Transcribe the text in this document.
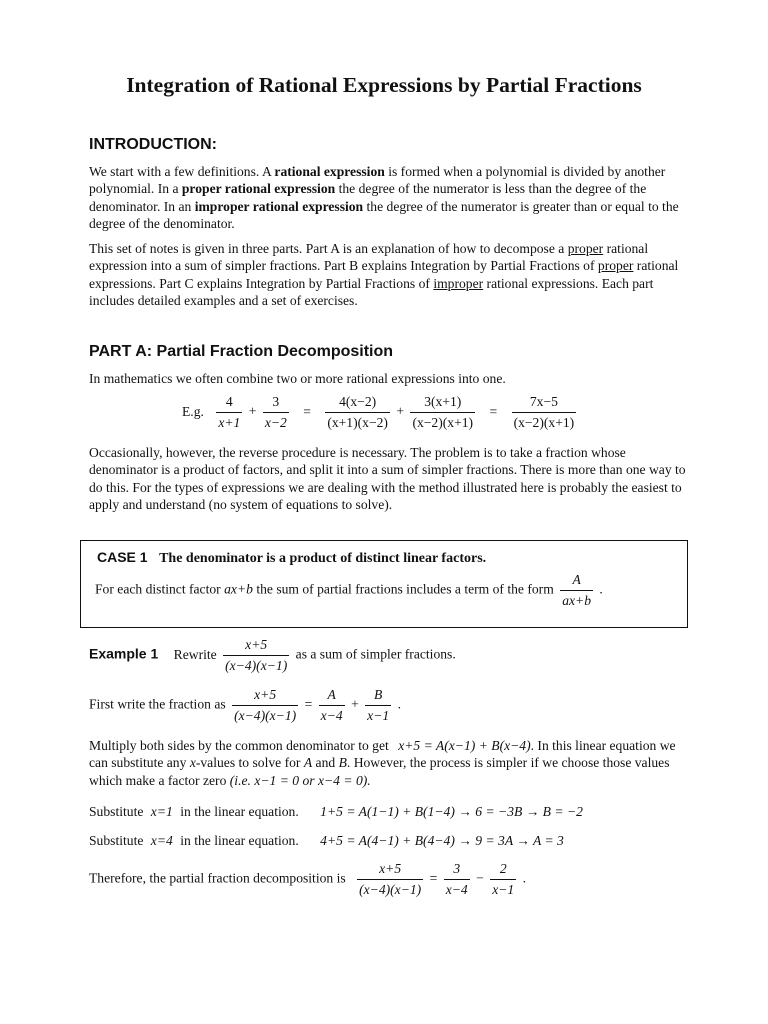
Integration of Rational Expressions by Partial Fractions
INTRODUCTION:
We start with a few definitions. A rational expression is formed when a polynomial is divided by another polynomial. In a proper rational expression the degree of the numerator is less than the degree of the denominator. In an improper rational expression the degree of the numerator is greater than or equal to the degree of the denominator.
This set of notes is given in three parts. Part A is an explanation of how to decompose a proper rational expression into a sum of simpler fractions. Part B explains Integration by Partial Fractions of proper rational expressions. Part C explains Integration by Partial Fractions of improper rational expressions. Each part includes detailed examples and a set of exercises.
PART A: Partial Fraction Decomposition
In mathematics we often combine two or more rational expressions into one.
E.g. $\frac{4}{x+1} + \frac{3}{x-2} = \frac{4(x-2)}{(x+1)(x-2)} + \frac{3(x+1)}{(x-2)(x+1)} = \frac{7x-5}{(x-2)(x+1)}$
Occasionally, however, the reverse procedure is necessary. The problem is to take a fraction whose denominator is a product of factors, and split it into a sum of simpler fractions. There is more than one way to do this. For the types of expressions we are dealing with the method illustrated here is probably the easiest to apply and understand (no system of equations to solve).
CASE 1 The denominator is a product of distinct linear factors.
For each distinct factor ax+b the sum of partial fractions includes a term of the form $\frac{A}{ax+b}$ .
Example 1 Rewrite $\frac{x+5}{(x-4)(x-1)}$ as a sum of simpler fractions.
First write the fraction as $\frac{x+5}{(x-4)(x-1)} = \frac{A}{x-4} + \frac{B}{x-1}$ .
Multiply both sides by the common denominator to get x+5 = A(x−1) + B(x−4). In this linear equation we can substitute any x-values to solve for A and B. However, the process is simpler if we choose those values which make a factor zero (i.e. x−1 = 0 or x−4 = 0).
Substitute x=1 in the linear equation. 1+5 = A(1−1) + B(1−4) → 6 = −3B → B = −2
Substitute x=4 in the linear equation. 4+5 = A(4−1) + B(4−4) → 9 = 3A → A = 3
Therefore, the partial fraction decomposition is $\frac{x+5}{(x-4)(x-1)} = \frac{3}{x-4} - \frac{2}{x-1}$ .
